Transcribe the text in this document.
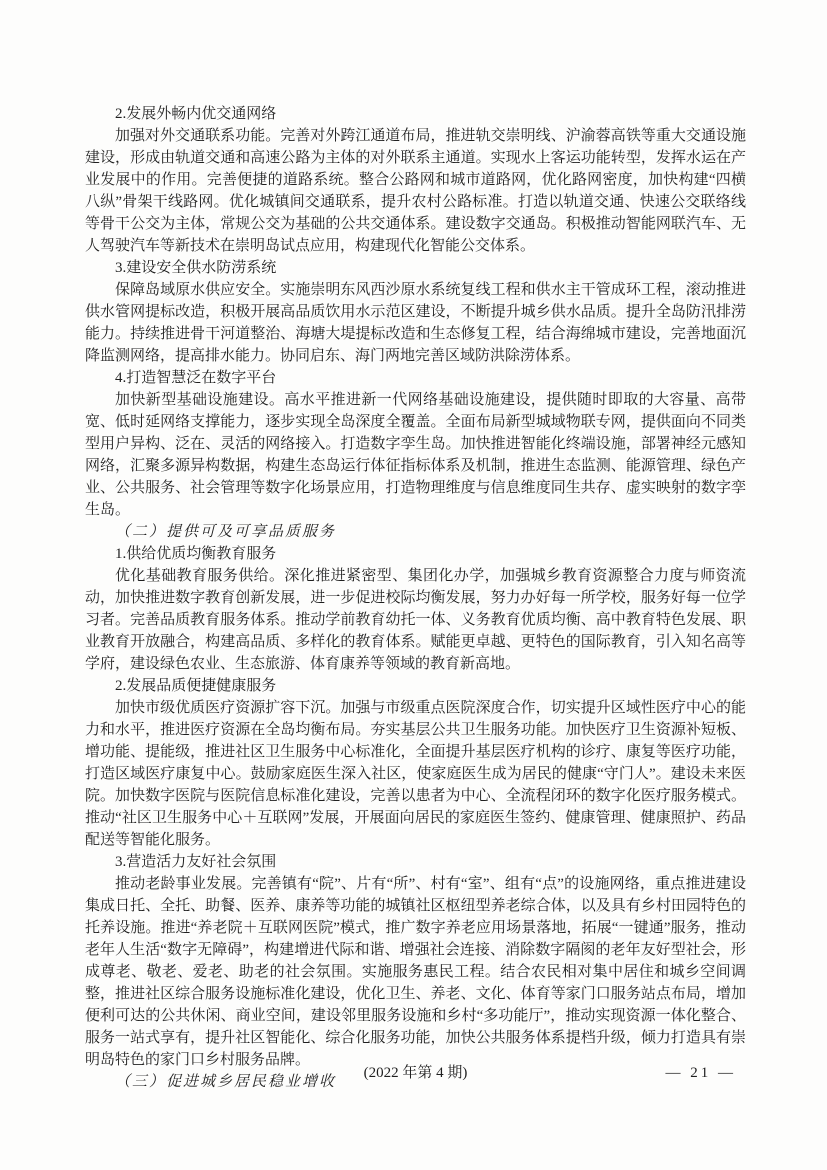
2.发展外畅内优交通网络

加强对外交通联系功能。完善对外跨江通道布局，推进轨交崇明线、沪渝蓉高铁等重大交通设施建设，形成由轨道交通和高速公路为主体的对外联系主通道。实现水上客运功能转型，发挥水运在产业发展中的作用。完善便捷的道路系统。整合公路网和城市道路网，优化路网密度，加快构建“四横八纵”骨架干线路网。优化城镇间交通联系，提升农村公路标准。打造以轨道交通、快速公交联络线等骨干公交为主体，常规公交为基础的公共交通体系。建设数字交通岛。积极推动智能网联汽车、无人驾驶汽车等新技术在崇明岛试点应用，构建现代化智能公交体系。

3.建设安全供水防涝系统

保障岛域原水供应安全。实施崇明东风西沙原水系统复线工程和供水主干管成环工程，滚动推进供水管网提标改造，积极开展高品质饮用水示范区建设，不断提升城乡供水品质。提升全岛防汛排涝能力。持续推进骨干河道整治、海塘大堤提标改造和生态修复工程，结合海绵城市建设，完善地面沉降监测网络，提高排水能力。协同启东、海门两地完善区域防洪除涝体系。

4.打造智慧泛在数字平台

加快新型基础设施建设。高水平推进新一代网络基础设施建设，提供随时即取的大容量、高带宽、低时延网络支撑能力，逐步实现全岛深度全覆盖。全面布局新型城域物联专网，提供面向不同类型用户异构、泛在、灵活的网络接入。打造数字孪生岛。加快推进智能化终端设施，部署神经元感知网络，汇聚多源异构数据，构建生态岛运行体征指标体系及机制，推进生态监测、能源管理、绿色产业、公共服务、社会管理等数字化场景应用，打造物理维度与信息维度同生共存、虚实映射的数字孪生岛。

（二）提供可及可享品质服务

1.供给优质均衡教育服务

优化基础教育服务供给。深化推进紧密型、集团化办学，加强城乡教育资源整合力度与师资流动，加快推进数字教育创新发展，进一步促进校际均衡发展，努力办好每一所学校，服务好每一位学习者。完善品质教育服务体系。推动学前教育幼托一体、义务教育优质均衡、高中教育特色发展、职业教育开放融合，构建高品质、多样化的教育体系。赋能更卓越、更特色的国际教育，引入知名高等学府，建设绿色农业、生态旅游、体育康养等领域的教育新高地。

2.发展品质便捷健康服务

加快市级优质医疗资源扩容下沉。加强与市级重点医院深度合作，切实提升区域性医疗中心的能力和水平，推进医疗资源在全岛均衡布局。夯实基层公共卫生服务功能。加快医疗卫生资源补短板、增功能、提能级，推进社区卫生服务中心标准化，全面提升基层医疗机构的诊疗、康复等医疗功能，打造区域医疗康复中心。鼓励家庭医生深入社区，使家庭医生成为居民的健康“守门人”。建设未来医院。加快数字医院与医院信息标准化建设，完善以患者为中心、全流程闭环的数字化医疗服务模式。推动“社区卫生服务中心＋互联网”发展，开展面向居民的家庭医生签约、健康管理、健康照护、药品配送等智能化服务。

3.营造活力友好社会氛围

推动老龄事业发展。完善镇有“院”、片有“所”、村有“室”、组有“点”的设施网络，重点推进建设集成日托、全托、助餐、医养、康养等功能的城镇社区枢纽型养老综合体，以及具有乡村田园特色的托养设施。推进“养老院＋互联网医院”模式，推广数字养老应用场景落地，拓展“一键通”服务，推动老年人生活“数字无障碍”，构建增进代际和谐、增强社会连接、消除数字隔阂的老年友好型社会，形成尊老、敬老、爱老、助老的社会氛围。实施服务惠民工程。结合农民相对集中居住和城乡空间调整，推进社区综合服务设施标准化建设，优化卫生、养老、文化、体育等家门口服务站点布局，增加便利可达的公共休闲、商业空间，建设邻里服务设施和乡村“多功能厅”，推动实现资源一体化整合、服务一站式享有，提升社区智能化、综合化服务功能，加快公共服务体系提档升级，倾力打造具有崇明岛特色的家门口乡村服务品牌。

（三）促进城乡居民稳业增收

(2022 年第 4 期)	— 21 —
